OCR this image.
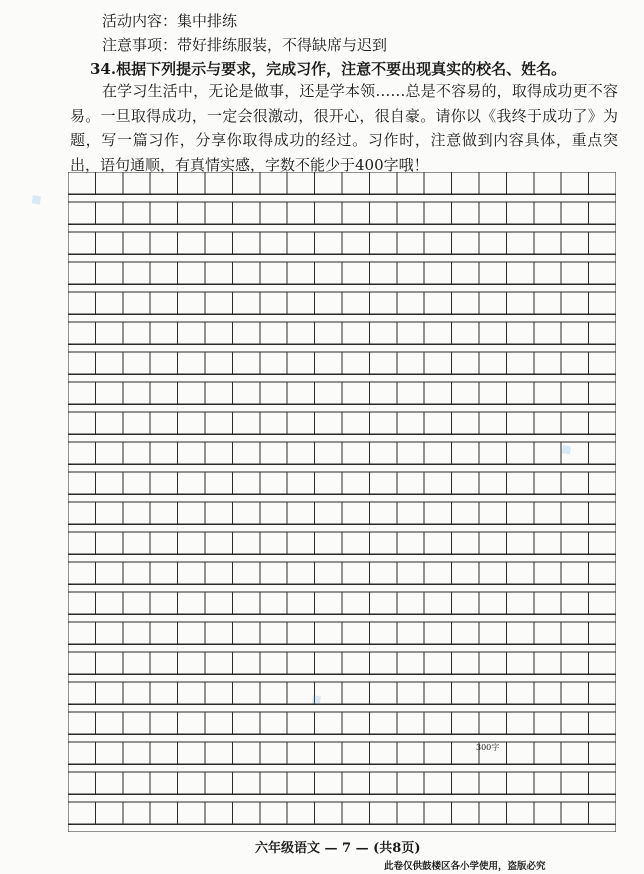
活动内容：集中排练
注意事项：带好排练服装，不得缺席与迟到
34.根据下列提示与要求，完成习作，注意不要出现真实的校名、姓名。
在学习生活中，无论是做事，还是学本领……总是不容易的，取得成功更不容易。一旦取得成功，一定会很激动，很开心，很自豪。请你以《我终于成功了》为题，写一篇习作，分享你取得成功的经过。习作时，注意做到内容具体，重点突出，语句通顺，有真情实感，字数不能少于400字哦！
300字
六年级语文 — 7 — (共8页)
此卷仅供鼓楼区各小学使用，盗版必究
◆
◆
◆
